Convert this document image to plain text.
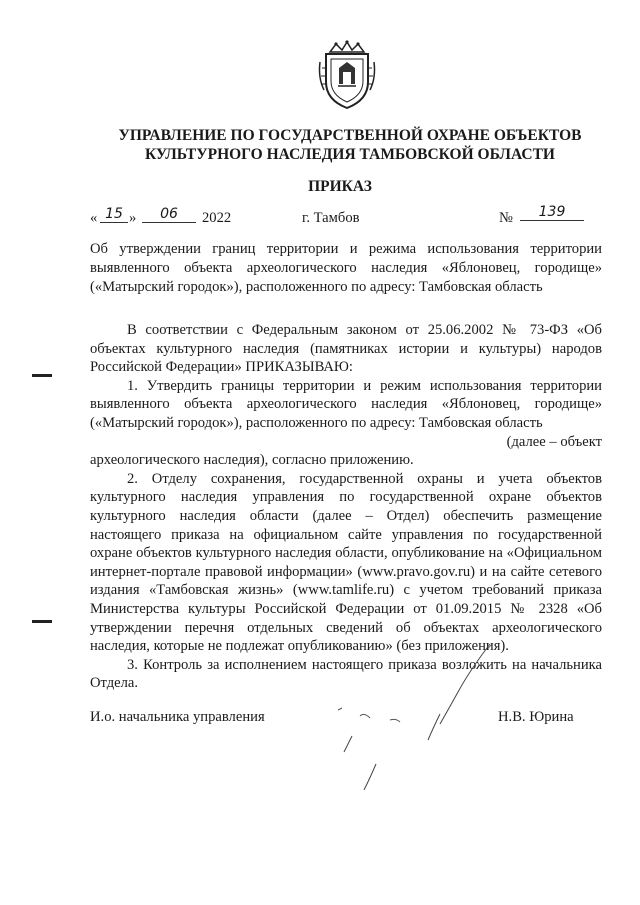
УПРАВЛЕНИЕ ПО ГОСУДАРСТВЕННОЙ ОХРАНЕ ОБЪЕКТОВ
КУЛЬТУРНОГО НАСЛЕДИЯ ТАМБОВСКОЙ ОБЛАСТИ
ПРИКАЗ
« 15 »	06	2022	г. Тамбов	№	139
Об утверждении границ территории и режима использования территории выявленного объекта археологического наследия «Яблоновец, городище» («Матырский городок»), расположенного по адресу: Тамбовская область

В соответствии с Федеральным законом от 25.06.2002 № 73-ФЗ «Об объектах культурного наследия (памятниках истории и культуры) народов Российской Федерации» ПРИКАЗЫВАЮ:

1. Утвердить границы территории и режим использования территории выявленного объекта археологического наследия «Яблоновец, городище» («Матырский городок»), расположенного по адресу: Тамбовская область

(далее – объект
археологического наследия), согласно приложению.

2. Отделу сохранения, государственной охраны и учета объектов культурного наследия управления по государственной охране объектов культурного наследия области (далее – Отдел) обеспечить размещение настоящего приказа на официальном сайте управления по государственной охране объектов культурного наследия области, опубликование на «Официальном интернет-портале правовой информации» (www.pravo.gov.ru) и на сайте сетевого издания «Тамбовская жизнь» (www.tamlife.ru) с учетом требований приказа Министерства культуры Российской Федерации от 01.09.2015 № 2328 «Об утверждении перечня отдельных сведений об объектах археологического наследия, которые не подлежат опубликованию» (без приложения).

3. Контроль за исполнением настоящего приказа возложить на начальника Отдела.

И.о. начальника управления	Н.В. Юрина
